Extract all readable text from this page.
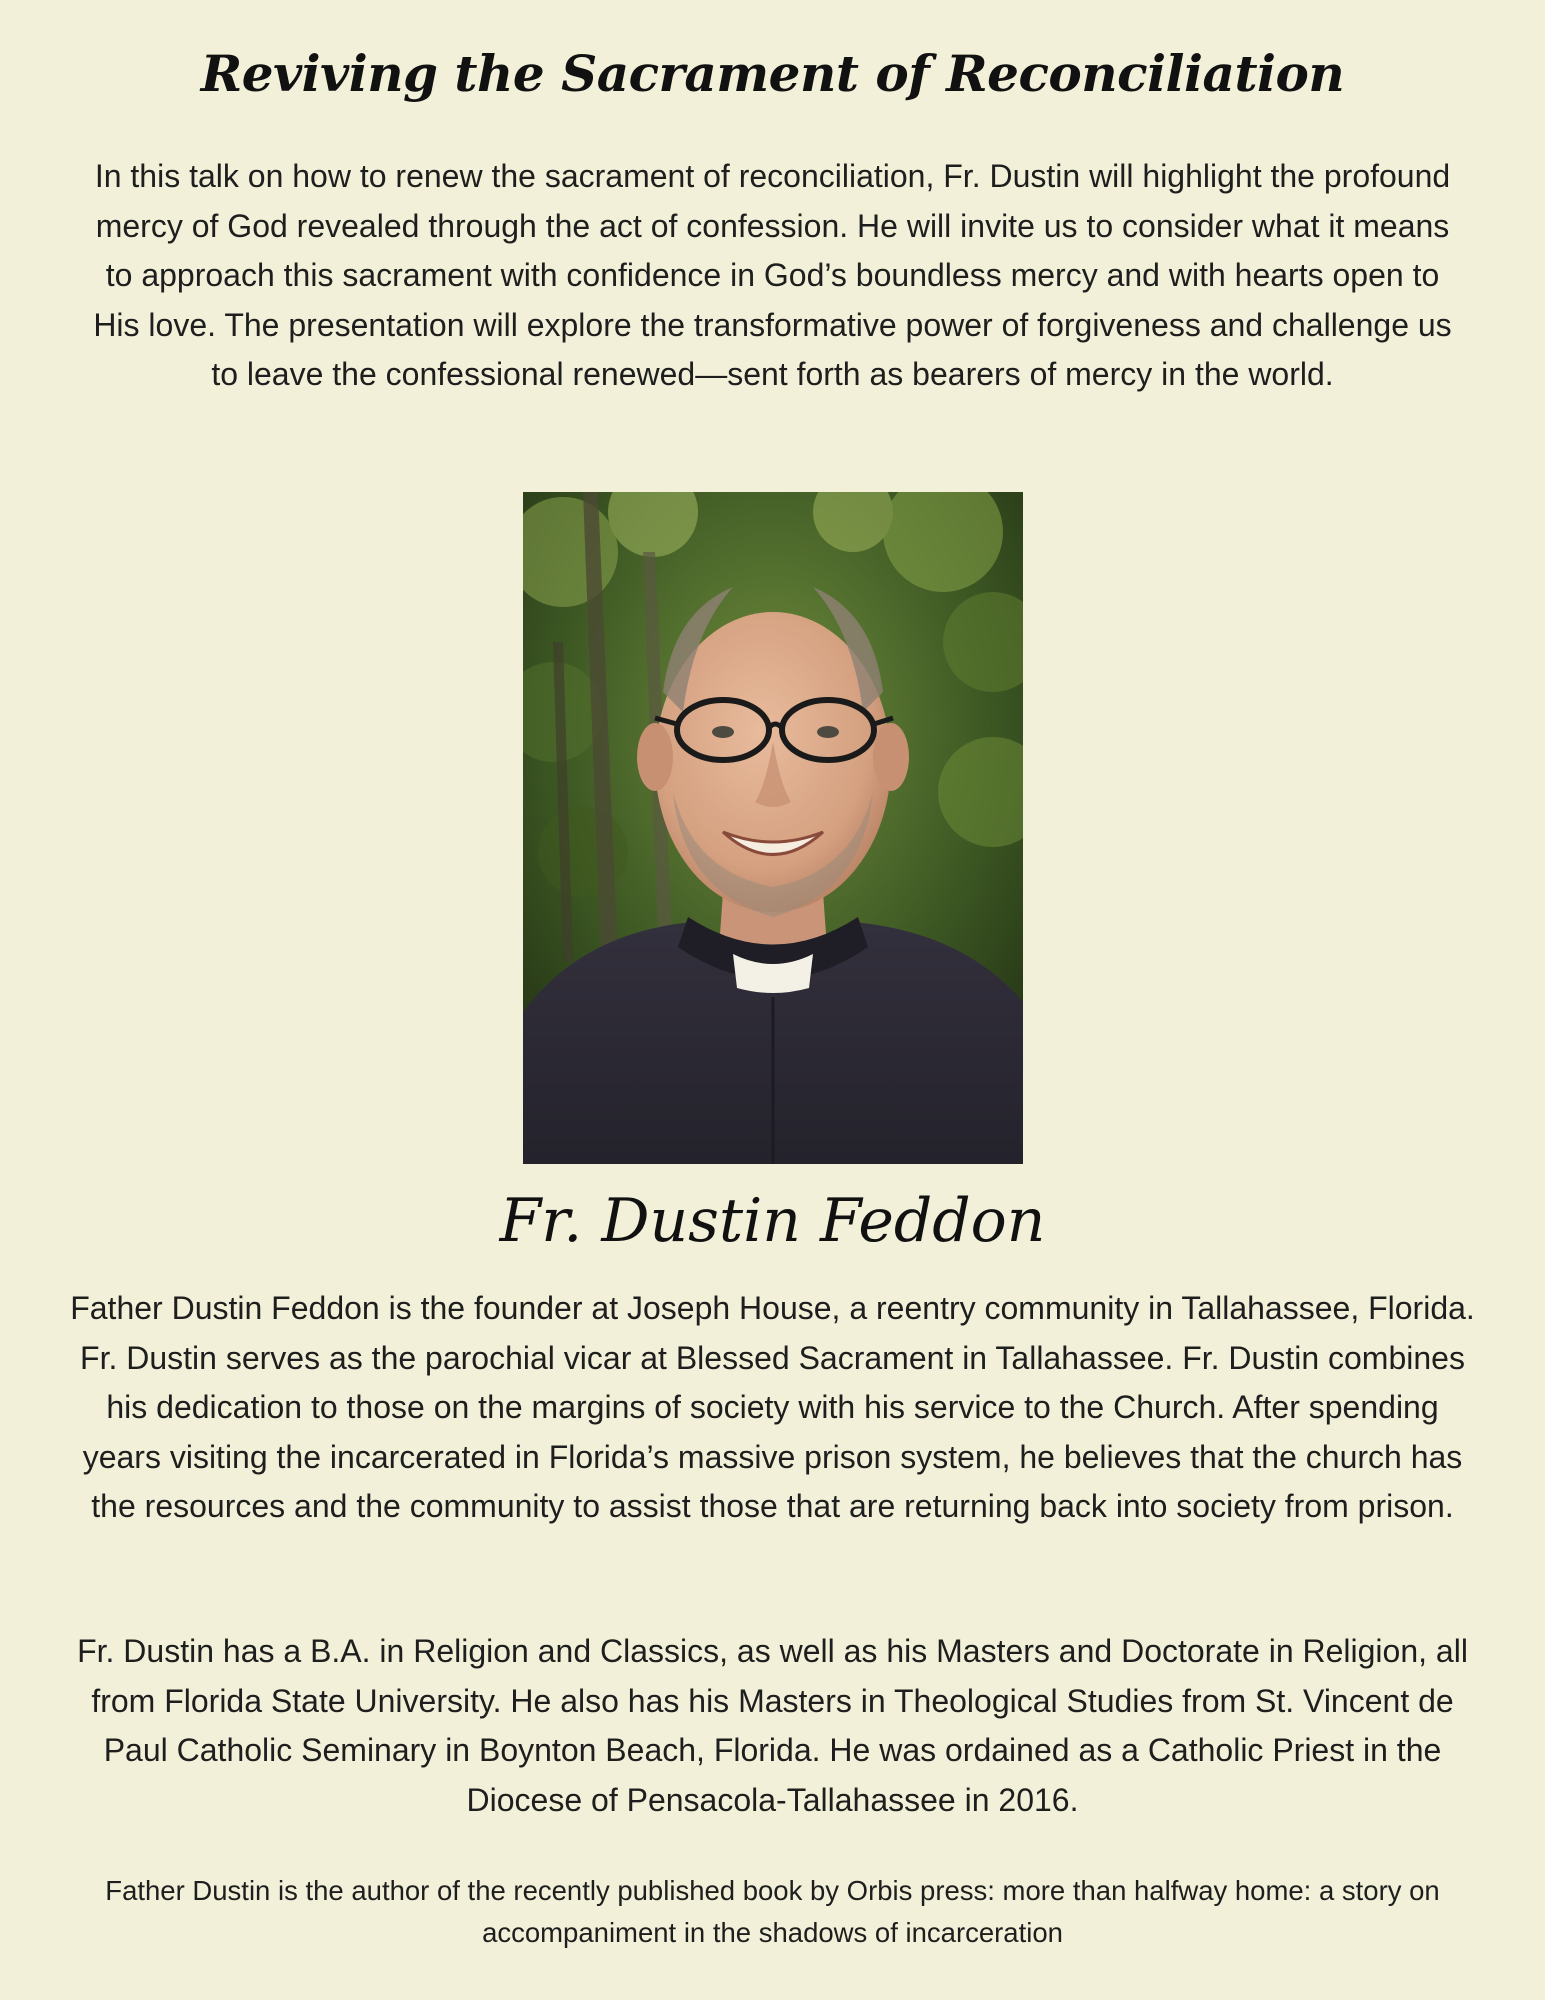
Reviving the Sacrament of Reconciliation

In this talk on how to renew the sacrament of reconciliation, Fr. Dustin will highlight the profound mercy of God revealed through the act of confession. He will invite us to consider what it means to approach this sacrament with confidence in God’s boundless mercy and with hearts open to His love. The presentation will explore the transformative power of forgiveness and challenge us to leave the confessional renewed—sent forth as bearers of mercy in the world.

Fr. Dustin Feddon

Father Dustin Feddon is the founder at Joseph House, a reentry community in Tallahassee, Florida. Fr. Dustin serves as the parochial vicar at Blessed Sacrament in Tallahassee. Fr. Dustin combines his dedication to those on the margins of society with his service to the Church. After spending years visiting the incarcerated in Florida’s massive prison system, he believes that the church has the resources and the community to assist those that are returning back into society from prison.

Fr. Dustin has a B.A. in Religion and Classics, as well as his Masters and Doctorate in Religion, all from Florida State University. He also has his Masters in Theological Studies from St. Vincent de Paul Catholic Seminary in Boynton Beach, Florida. He was ordained as a Catholic Priest in the Diocese of Pensacola-Tallahassee in 2016.

Father Dustin is the author of the recently published book by Orbis press: more than halfway home: a story on accompaniment in the shadows of incarceration
